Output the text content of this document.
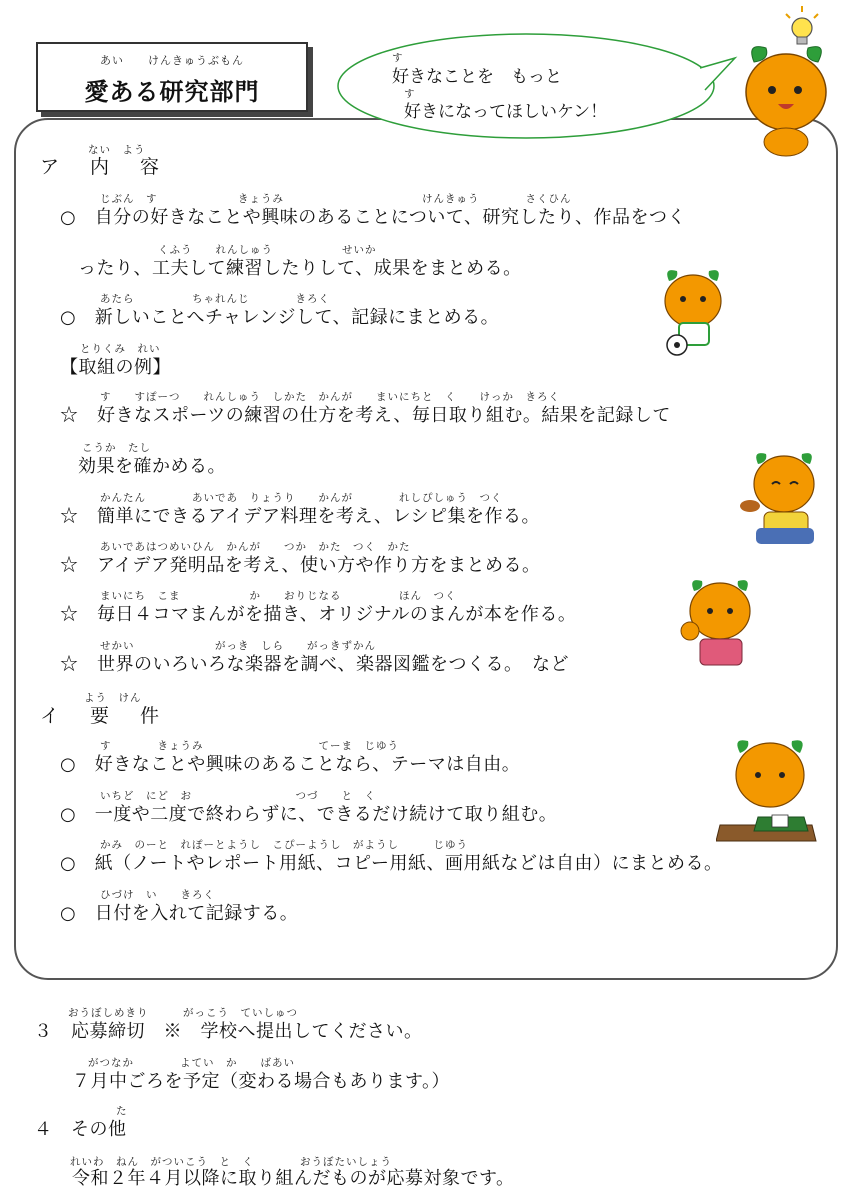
あい　　けんきゅうぶもん
愛ある研究部門
す
好きなことを　もっと
す
好きになってほしいケン！
ない　よう
ア　内　容
じぶん　す　　　　　　　きょうみ　　　　　　　　　　　　けんきゅう　　　　さくひん
○　自分の好きなことや興味のあることについて、研究したり、作品をつく
くふう　　れんしゅう　　　　　　せいか
ったり、工夫して練習したりして、成果をまとめる。
あたら　　　　　ちゃれんじ　　　　きろく
○　新しいことへチャレンジして、記録にまとめる。
とりくみ　れい
【取組の例】
す　　すぽーつ　　れんしゅう　しかた　かんが　　まいにちと　く　　けっか　きろく
☆　好きなスポーツの練習の仕方を考え、毎日取り組む。結果を記録して
こうか　たし
効果を確かめる。
かんたん　　　　あいであ　りょうり　　かんが　　　　れしぴしゅう　つく
☆　簡単にできるアイデア料理を考え、レシピ集を作る。
あいであはつめいひん　かんが　　つか　かた　つく　かた
☆　アイデア発明品を考え、使い方や作り方をまとめる。
まいにち　こま　　　　　　か　　おりじなる　　　　　ほん　つく
☆　毎日４コマまんがを描き、オリジナルのまんが本を作る。
せかい　　　　　　　がっき　しら　　がっきずかん
☆　世界のいろいろな楽器を調べ、楽器図鑑をつくる。　など
よう　けん
イ　要　件
す　　　　きょうみ　　　　　　　　　　てーま　じゆう
○　好きなことや興味のあることなら、テーマは自由。
いちど　にど　お　　　　　　　　　つづ　　と　く
○　一度や二度で終わらずに、できるだけ続けて取り組む。
かみ　のーと　れぽーとようし　こぴーようし　がようし　　　じゆう
○　紙（ノートやレポート用紙、コピー用紙、画用紙などは自由）にまとめる。
ひづけ　い　　きろく
○　日付を入れて記録する。
おうぼしめきり　　　がっこう　ていしゅつ
３　応募締切　※　学校へ提出してください。
がつなか　　　　よてい　か　　ばあい
７月中ごろを予定（変わる場合もあります。）
た
４　その他
れいわ　ねん　がついこう　と　く　　　　おうぼたいしょう
令和２年４月以降に取り組んだものが応募対象です。
